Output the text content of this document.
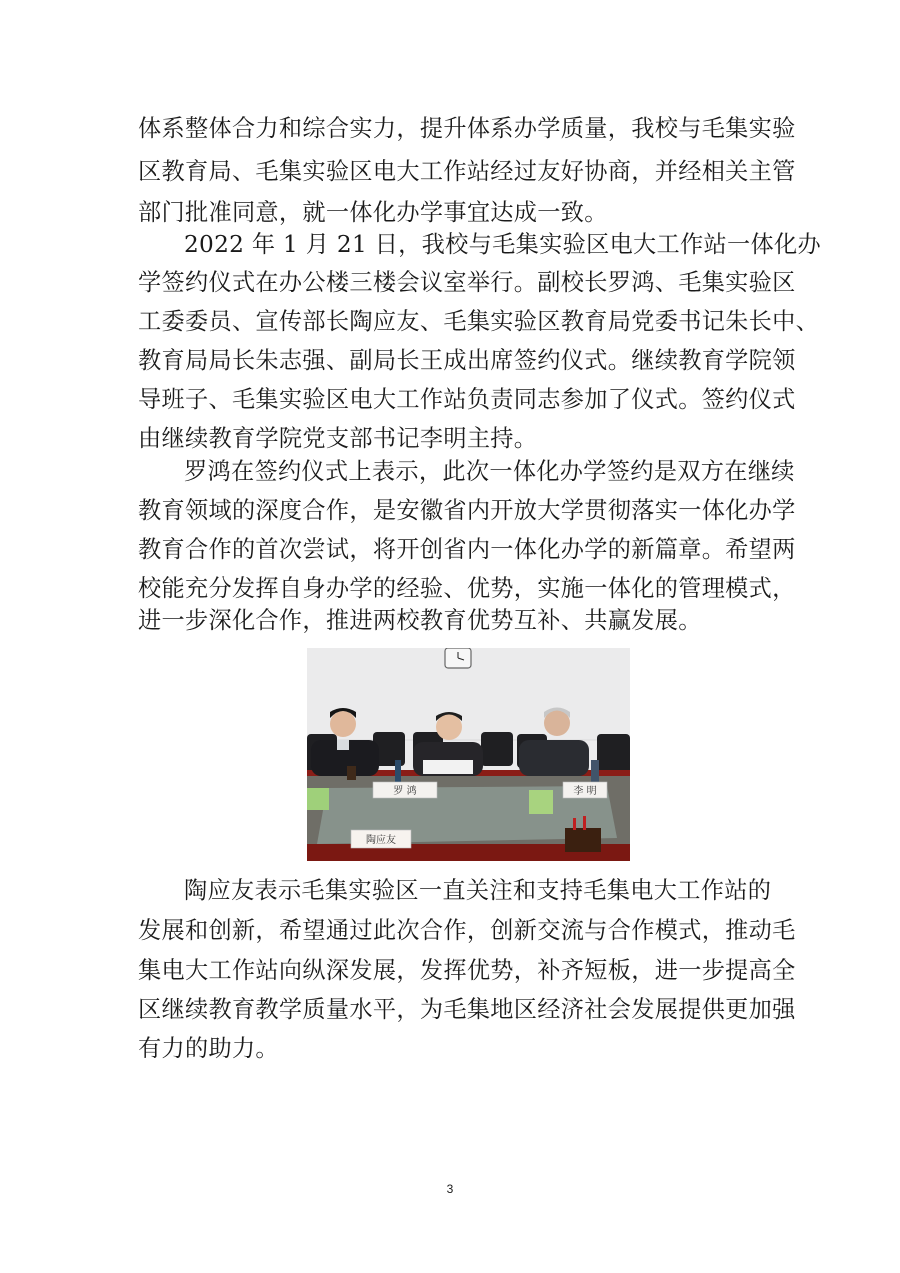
体系整体合力和综合实力，提升体系办学质量，我校与毛集实验
区教育局、毛集实验区电大工作站经过友好协商，并经相关主管
部门批准同意，就一体化办学事宜达成一致。
2022 年 1 月 21 日，我校与毛集实验区电大工作站一体化办
学签约仪式在办公楼三楼会议室举行。副校长罗鸿、毛集实验区
工委委员、宣传部长陶应友、毛集实验区教育局党委书记朱长中、
教育局局长朱志强、副局长王成出席签约仪式。继续教育学院领
导班子、毛集实验区电大工作站负责同志参加了仪式。签约仪式
由继续教育学院党支部书记李明主持。
罗鸿在签约仪式上表示，此次一体化办学签约是双方在继续
教育领域的深度合作，是安徽省内开放大学贯彻落实一体化办学
教育合作的首次尝试，将开创省内一体化办学的新篇章。希望两
校能充分发挥自身办学的经验、优势，实施一体化的管理模式，
进一步深化合作，推进两校教育优势互补、共赢发展。
罗 鸿	李 明
陶应友
陶应友表示毛集实验区一直关注和支持毛集电大工作站的
发展和创新，希望通过此次合作，创新交流与合作模式，推动毛
集电大工作站向纵深发展，发挥优势，补齐短板，进一步提高全
区继续教育教学质量水平，为毛集地区经济社会发展提供更加强
有力的助力。
3
